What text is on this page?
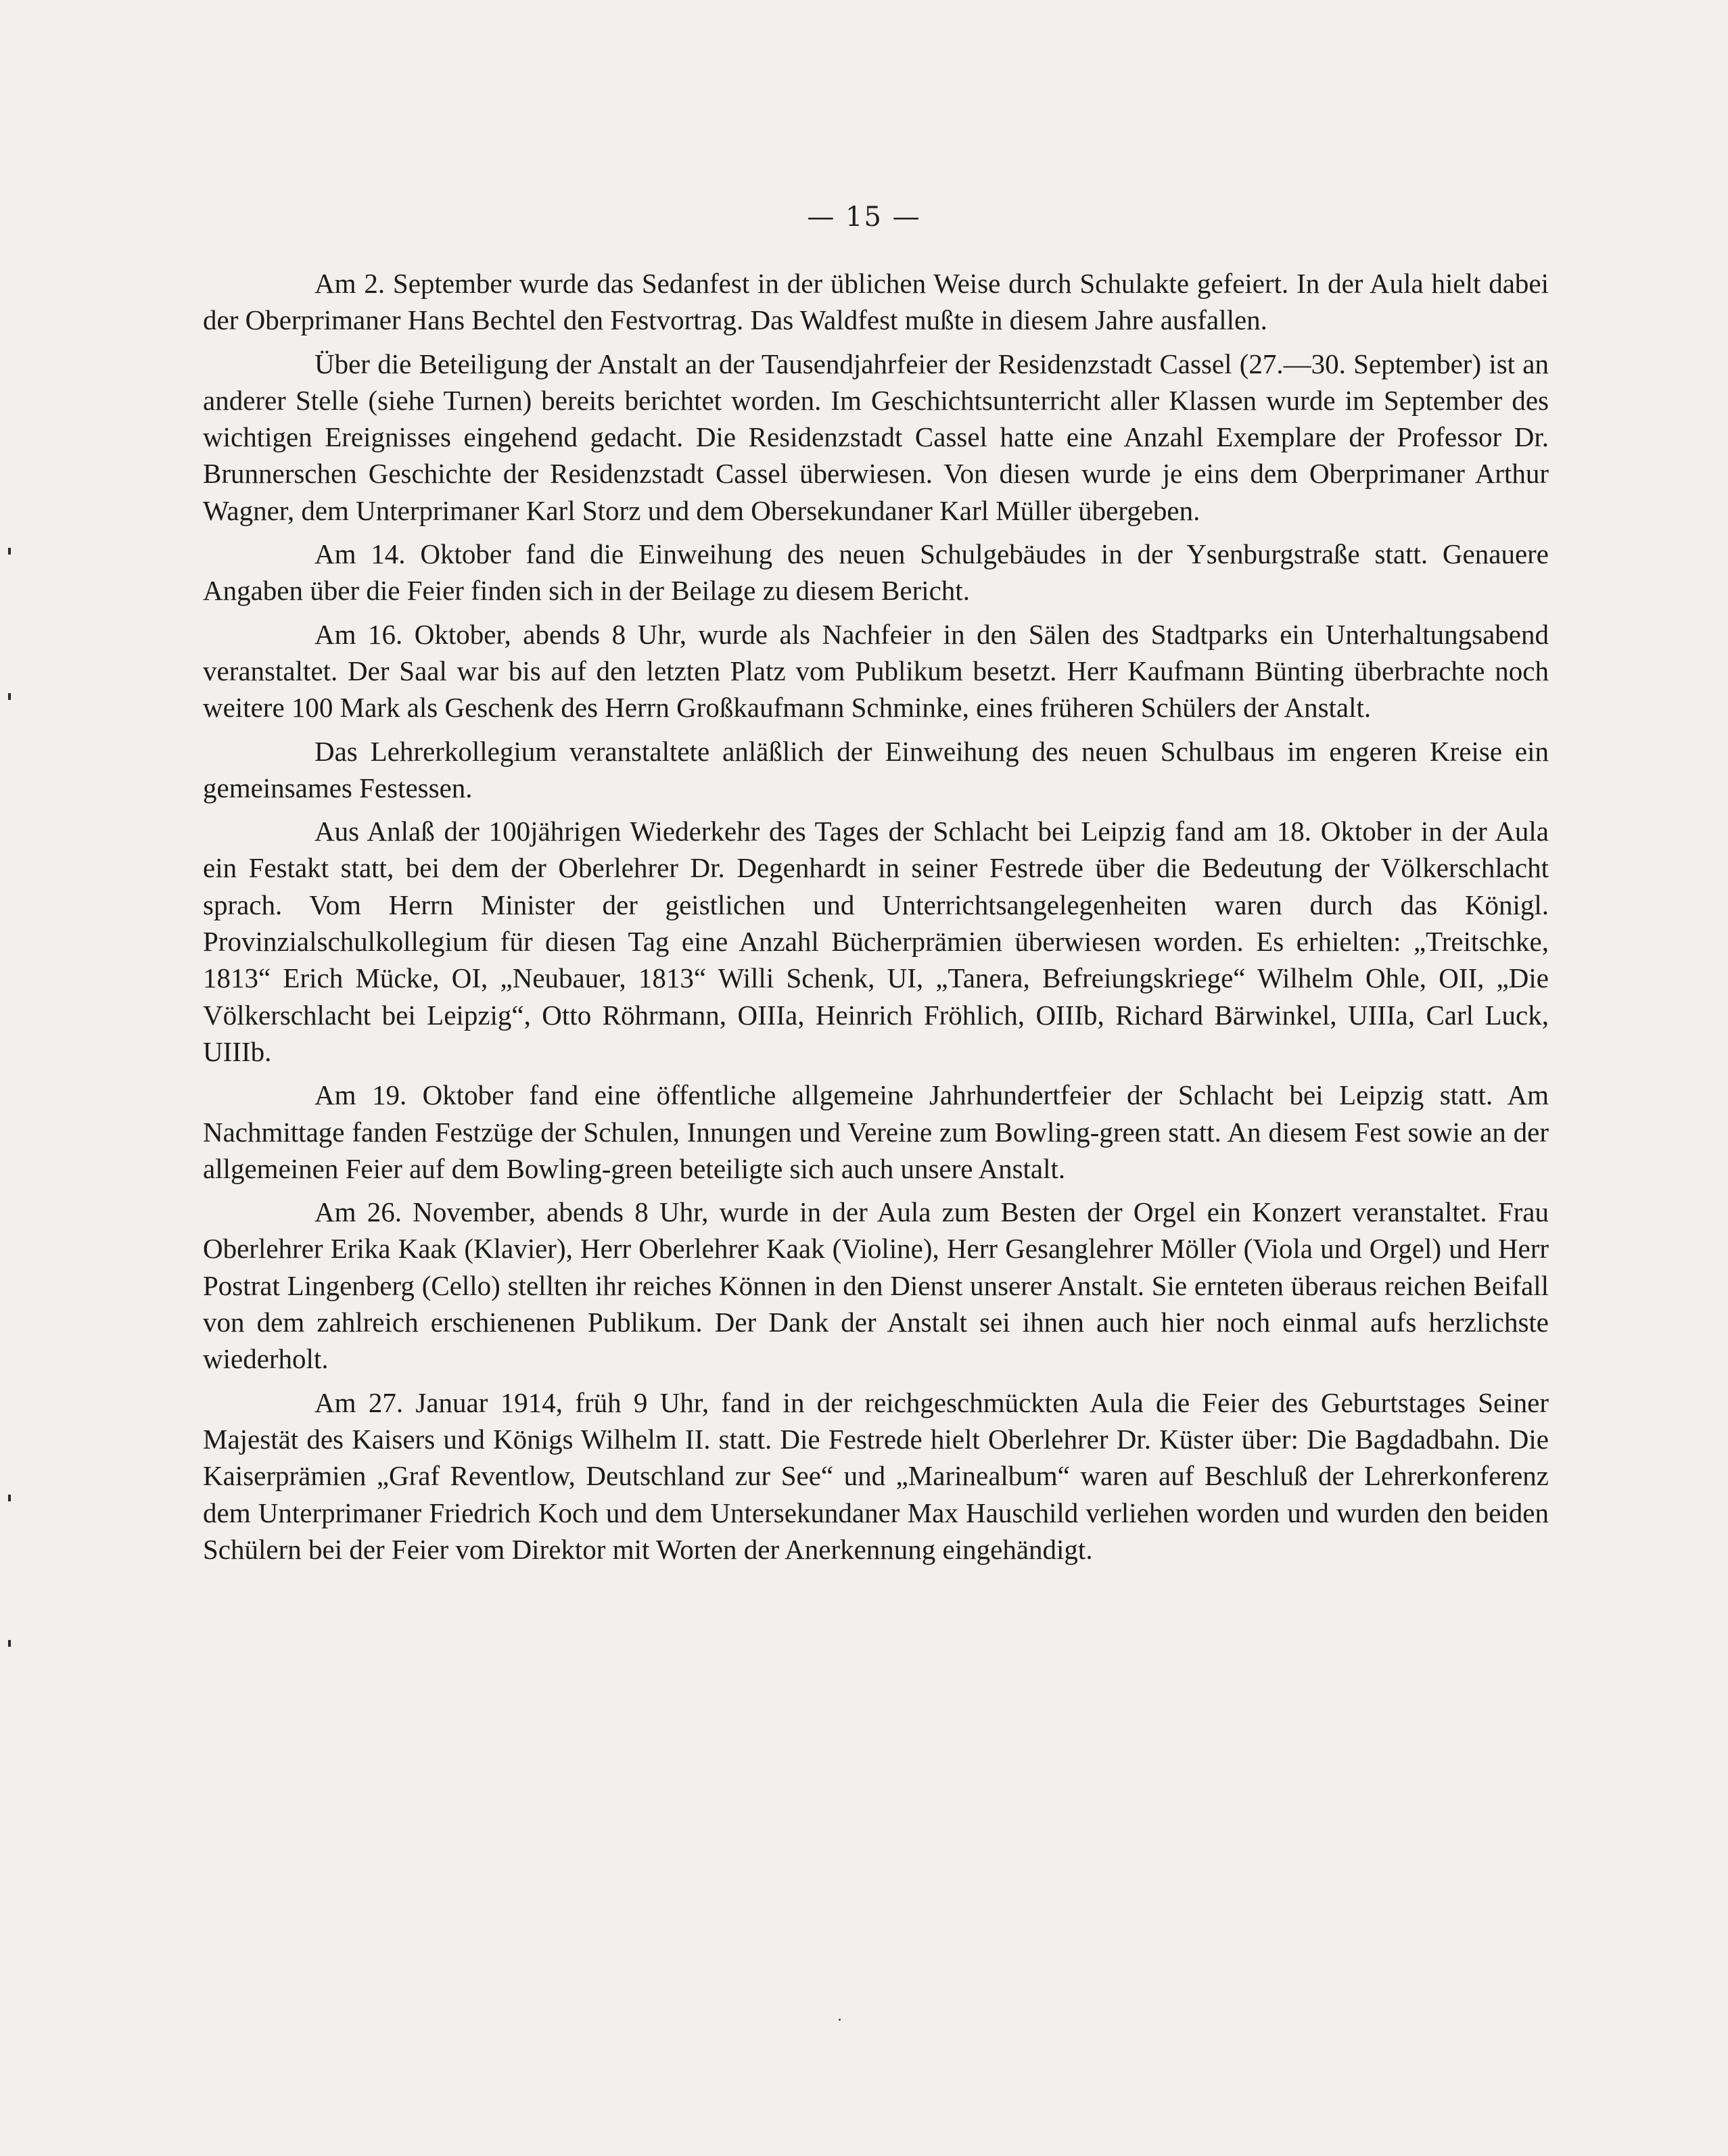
— 15 —

Am 2. September wurde das Sedanfest in der üblichen Weise durch Schulakte gefeiert. In der Aula hielt dabei der Oberprimaner Hans Bechtel den Festvortrag. Das Waldfest mußte in diesem Jahre ausfallen.

Über die Beteiligung der Anstalt an der Tausendjahrfeier der Residenzstadt Cassel (27.—30. September) ist an anderer Stelle (siehe Turnen) bereits berichtet worden. Im Geschichtsunterricht aller Klassen wurde im September des wichtigen Ereignisses eingehend gedacht. Die Residenzstadt Cassel hatte eine Anzahl Exemplare der Professor Dr. Brunnerschen Geschichte der Residenzstadt Cassel überwiesen. Von diesen wurde je eins dem Oberprimaner Arthur Wagner, dem Unterprimaner Karl Storz und dem Obersekundaner Karl Müller übergeben.

Am 14. Oktober fand die Einweihung des neuen Schulgebäudes in der Ysenburgstraße statt. Genauere Angaben über die Feier finden sich in der Beilage zu diesem Bericht.

Am 16. Oktober, abends 8 Uhr, wurde als Nachfeier in den Sälen des Stadtparks ein Unterhaltungsabend veranstaltet. Der Saal war bis auf den letzten Platz vom Publikum besetzt. Herr Kaufmann Bünting überbrachte noch weitere 100 Mark als Geschenk des Herrn Großkaufmann Schminke, eines früheren Schülers der Anstalt.

Das Lehrerkollegium veranstaltete anläßlich der Einweihung des neuen Schulbaus im engeren Kreise ein gemeinsames Festessen.

Aus Anlaß der 100jährigen Wiederkehr des Tages der Schlacht bei Leipzig fand am 18. Oktober in der Aula ein Festakt statt, bei dem der Oberlehrer Dr. Degenhardt in seiner Festrede über die Bedeutung der Völkerschlacht sprach. Vom Herrn Minister der geistlichen und Unterrichtsangelegenheiten waren durch das Königl. Provinzialschulkollegium für diesen Tag eine Anzahl Bücherprämien überwiesen worden. Es erhielten: „Treitschke, 1813“ Erich Mücke, OI, „Neubauer, 1813“ Willi Schenk, UI, „Tanera, Befreiungskriege“ Wilhelm Ohle, OII, „Die Völkerschlacht bei Leipzig“, Otto Röhrmann, OIIIa, Heinrich Fröhlich, OIIIb, Richard Bärwinkel, UIIIa, Carl Luck, UIIIb.

Am 19. Oktober fand eine öffentliche allgemeine Jahrhundertfeier der Schlacht bei Leipzig statt. Am Nachmittage fanden Festzüge der Schulen, Innungen und Vereine zum Bowling-green statt. An diesem Fest sowie an der allgemeinen Feier auf dem Bowling-green beteiligte sich auch unsere Anstalt.

Am 26. November, abends 8 Uhr, wurde in der Aula zum Besten der Orgel ein Konzert veranstaltet. Frau Oberlehrer Erika Kaak (Klavier), Herr Oberlehrer Kaak (Violine), Herr Gesanglehrer Möller (Viola und Orgel) und Herr Postrat Lingenberg (Cello) stellten ihr reiches Können in den Dienst unserer Anstalt. Sie ernteten überaus reichen Beifall von dem zahlreich erschienenen Publikum. Der Dank der Anstalt sei ihnen auch hier noch einmal aufs herzlichste wiederholt.

Am 27. Januar 1914, früh 9 Uhr, fand in der reichgeschmückten Aula die Feier des Geburtstages Seiner Majestät des Kaisers und Königs Wilhelm II. statt. Die Festrede hielt Oberlehrer Dr. Küster über: Die Bagdadbahn. Die Kaiserprämien „Graf Reventlow, Deutschland zur See“ und „Marinealbum“ waren auf Beschluß der Lehrerkonferenz dem Unterprimaner Friedrich Koch und dem Untersekundaner Max Hauschild verliehen worden und wurden den beiden Schülern bei der Feier vom Direktor mit Worten der Anerkennung eingehändigt.
